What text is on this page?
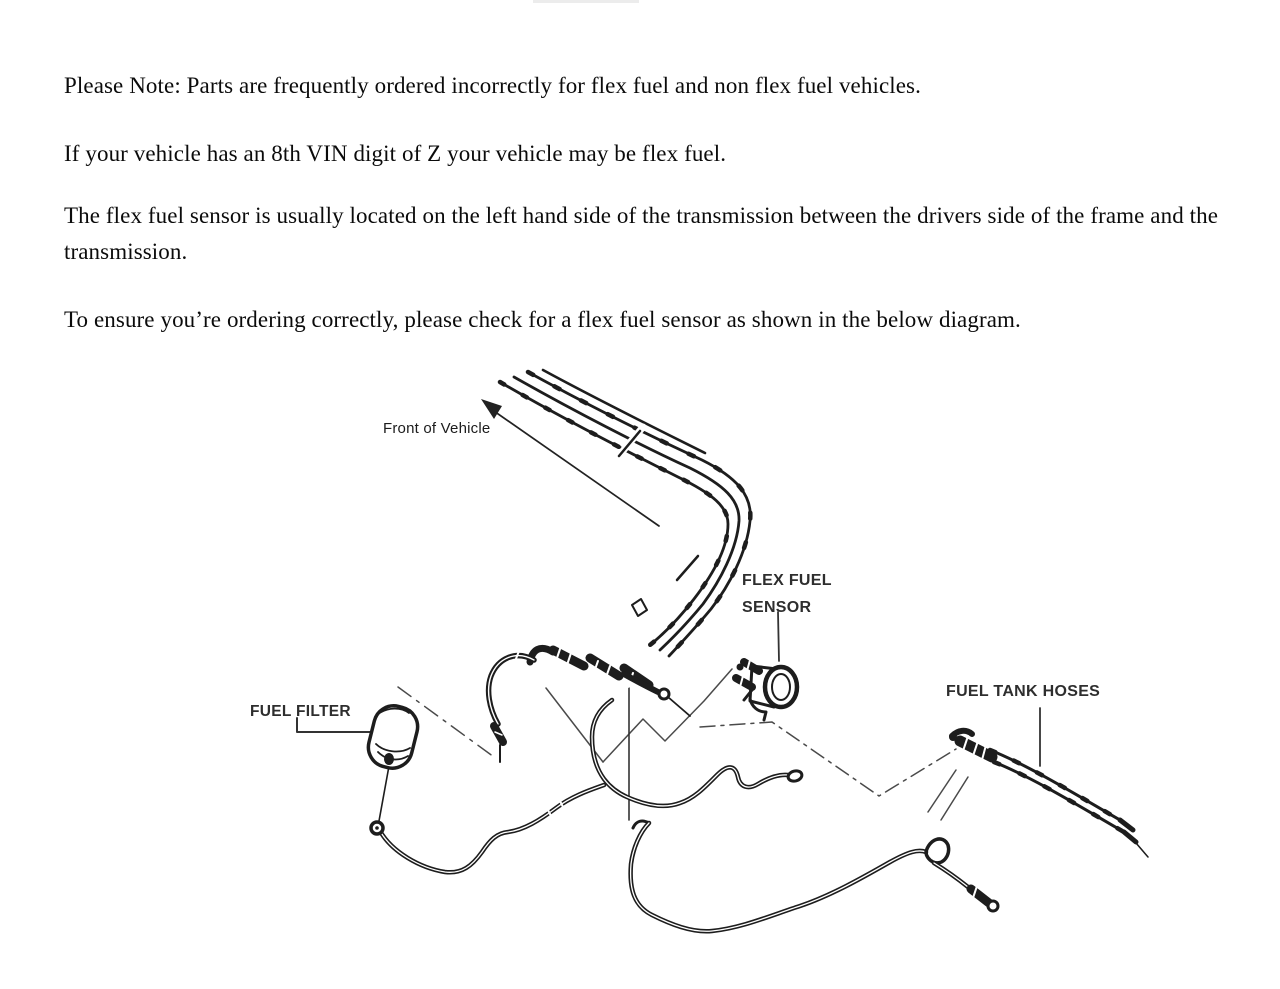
Please Note: Parts are frequently ordered incorrectly for flex fuel and non flex fuel vehicles.

If your vehicle has an 8th VIN digit of Z your vehicle may be flex fuel.

The flex fuel sensor is usually located on the left hand side of the transmission between the drivers side of the frame and the transmission.

To ensure you’re ordering correctly, please check for a flex fuel sensor as shown in the below diagram.

Front of Vehicle
FLEX FUEL
SENSOR
FUEL TANK HOSES
FUEL FILTER
